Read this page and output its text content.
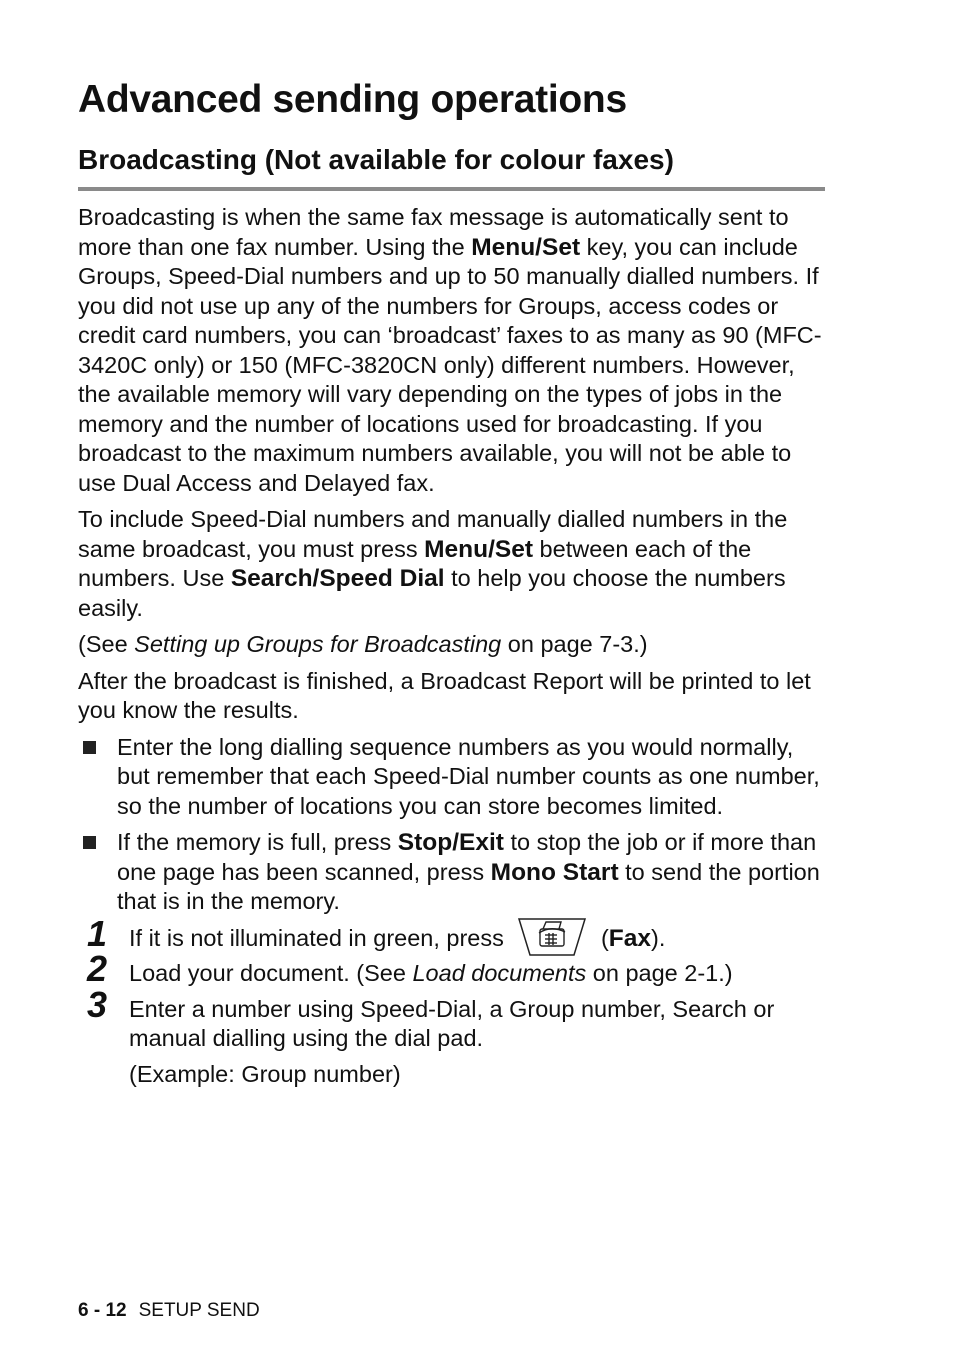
Advanced sending operations
Broadcasting (Not available for colour faxes)

Broadcasting is when the same fax message is automatically sent to more than one fax number. Using the Menu/Set key, you can include Groups, Speed-Dial numbers and up to 50 manually dialled numbers. If you did not use up any of the numbers for Groups, access codes or credit card numbers, you can ‘broadcast’ faxes to as many as 90 (MFC-3420C only) or 150 (MFC-3820CN only) different numbers. However, the available memory will vary depending on the types of jobs in the memory and the number of locations used for broadcasting. If you broadcast to the maximum numbers available, you will not be able to use Dual Access and Delayed fax.

To include Speed-Dial numbers and manually dialled numbers in the same broadcast, you must press Menu/Set between each of the numbers. Use Search/Speed Dial to help you choose the numbers easily.

(See Setting up Groups for Broadcasting on page 7-3.)

After the broadcast is finished, a Broadcast Report will be printed to let you know the results.

Enter the long dialling sequence numbers as you would normally, but remember that each Speed-Dial number counts as one number, so the number of locations you can store becomes limited.
If the memory is full, press Stop/Exit to stop the job or if more than one page has been scanned, press Mono Start to send the portion that is in the memory.
1 If it is not illuminated in green, press	(Fax).
2 Load your document. (See Load documents on page 2-1.)
3 Enter a number using Speed-Dial, a Group number, Search or manual dialling using the dial pad.
(Example: Group number)
6 - 12 SETUP SEND
